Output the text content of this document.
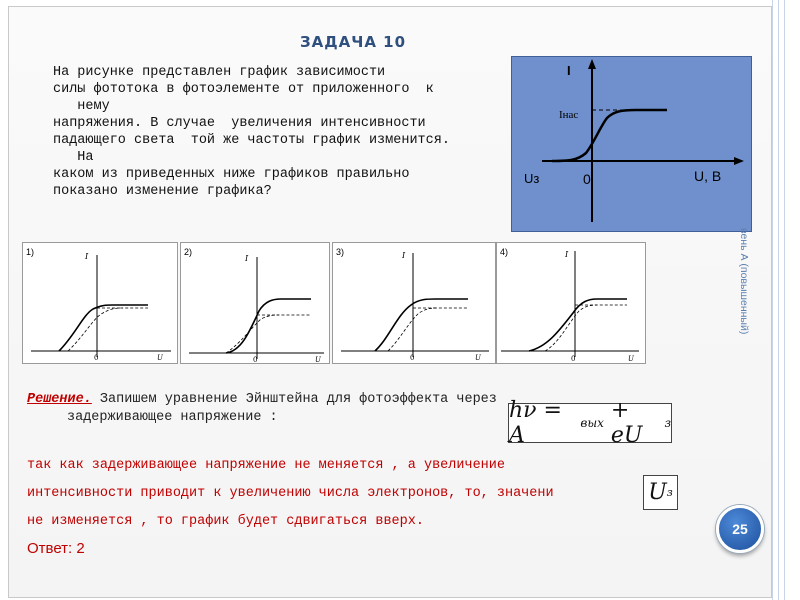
ЗАДАЧА 10
На рисунке представлен график зависимости
силы фототока в фотоэлементе от приложенного  к
нему
напряжения. В случае  увеличения интенсивности
падающего света  той же частоты график изменится.
На
каком из приведенных ниже графиков правильно
показано изменение графика?
I
Iнас
Uз	0	U, B
1)	I
0	U
2)
I
0	U
3)	I
0	U
4)	I
0	U
вень А (повышенный)
Решение. Запишем уравнение Эйнштейна для фотоэффекта через
задерживающее напряжение :	hν = A	вых
+ eU	з
так как задерживающее напряжение не меняется , а увеличение
интенсивности приводит к увеличению числа электронов, то, значени
не изменяется , то график будет сдвигаться вверх.
U з
Ответ: 2
25
